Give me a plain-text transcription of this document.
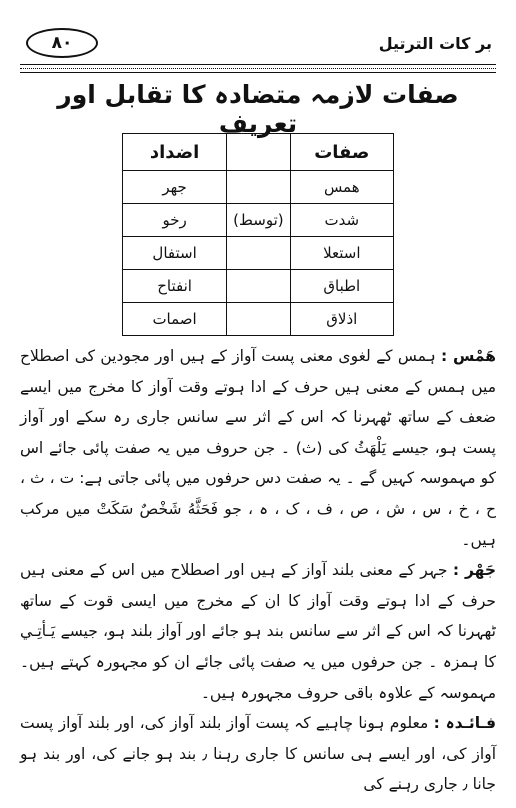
بر کات الترتیل
۸۰
صفات لازمہ متضادہ کا تقابل اور تعریف
صفات		اضداد
همس		جهر
شدت	(توسط)	رخو
استعلا		استفال
اطباق		انفتاح
اذلاق		اصمات

ھَمْس : ہمس کے لغوی معنی پست آواز کے ہیں اور مجودین کی اصطلاح میں ہمس کے معنی ہیں حرف کے ادا ہوتے وقت آواز کا مخرج میں ایسے ضعف کے ساتھ ٹھہرنا کہ اس کے اثر سے سانس جاری رہ سکے اور آواز پست ہو، جیسے یَلْهَثُ کی (ث) ۔ جن حروف میں یہ صفت پائی جائے اس کو مہموسہ کہیں گے ۔ یہ صفت دس حرفوں میں پائی جاتی ہے: ت ، ث ، ح ، خ ، س ، ش ، ص ، ف ، ک ، ہ ، جو فَحَثَّهُ شَخْصٌ سَكَتْ میں مرکب ہیں۔

جَھْر : جہر کے معنی بلند آواز کے ہیں اور اصطلاح میں اس کے معنی ہیں حرف کے ادا ہوتے وقت آواز کا ان کے مخرج میں ایسی قوت کے ساتھ ٹھہرنا کہ اس کے اثر سے سانس بند ہو جائے اور آواز بلند ہو، جیسے یَـأتِـي کا ہمزہ ۔ جن حرفوں میں یہ صفت پائی جائے ان کو مجہورہ کہتے ہیں۔ مہموسہ کے علاوہ باقی حروف مجہورہ ہیں۔

فـائـدہ : معلوم ہونا چاہیے کہ پست آواز بلند آواز کی، اور بلند آواز پست آواز کی، اور ایسے ہی سانس کا جاری رہنا ٫ بند ہو جانے کی، اور بند ہو جانا ٫ جاری رہنے کی
